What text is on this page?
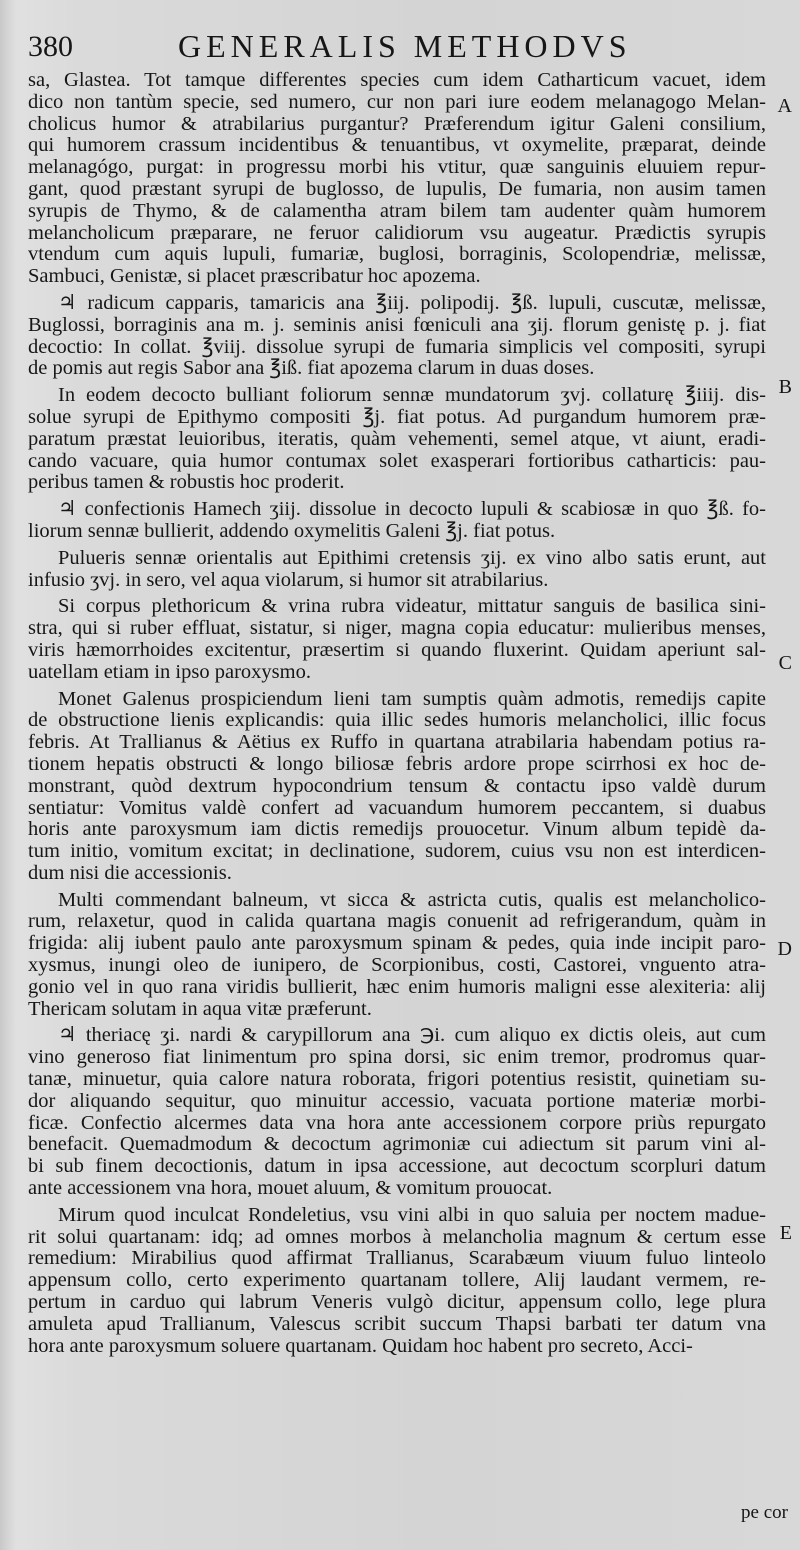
380	GENERALIS METHODVS
sa, Glastea. Tot tamque differentes species cum idem Catharticum vacuet, idem
dico non tantùm specie, sed numero, cur non pari iure eodem melanagogo Melan-
cholicus humor & atrabilarius purgantur? Præferendum igitur Galeni consilium,
qui humorem crassum incidentibus & tenuantibus, vt oxymelite, præparat, deinde
melanagógο, purgat: in progressu morbi his vtitur, quæ sanguinis eluuiem repur-
gant, quod præstant syrupi de buglosso, de lupulis, De fumaria, non ausim tamen
syrupis de Thymo, & de calamentha atram bilem tam audenter quàm humorem
melancholicum præparare, ne feruor calidiorum vsu augeatur. Prædictis syrupis
vtendum cum aquis lupuli, fumariæ, buglosi, borraginis, Scolopendriæ, melissæ,
Sambuci, Genistæ, si placet præscribatur hoc apozema.
♃ radicum capparis, tamaricis ana ℥iij. polipodij. ℥ß. lupuli, cuscutæ, melissæ,
Buglossi, borraginis ana m. j. seminis anisi fœniculi ana ʒij. florum genistę p. j. fiat
decoctio: In collat. ℥viij. dissolue syrupi de fumaria simplicis vel compositi, syrupi
de pomis aut regis Sabor ana ℥iß. fiat apozema clarum in duas doses.
In eodem decocto bulliant foliorum sennæ mundatorum ʒvj. collaturę ℥iiij. dis-
solue syrupi de Epithymo compositi ℥j. fiat potus. Ad purgandum humorem præ-
paratum præstat leuioribus, iteratis, quàm vehementi, semel atque, vt aiunt, eradi-
cando vacuare, quia humor contumax solet exasperari fortioribus catharticis: pau-
peribus tamen & robustis hoc proderit.
♃ confectionis Hamech ʒiij. dissolue in decocto lupuli & scabiosæ in quo ℥ß. fo-
liorum sennæ bullierit, addendo oxymelitis Galeni ℥j. fiat potus.
Pulueris sennæ orientalis aut Epithimi cretensis ʒij. ex vino albo satis erunt, aut
infusio ʒvj. in sero, vel aqua violarum, si humor sit atrabilarius.
Si corpus plethoricum & vrina rubra videatur, mittatur sanguis de basilica sini-
stra, qui si ruber effluat, sistatur, si niger, magna copia educatur: mulieribus menses,
viris hæmorrhoides excitentur, præsertim si quando fluxerint. Quidam aperiunt sal-
uatellam etiam in ipso paroxysmo.
Monet Galenus prospiciendum lieni tam sumptis quàm admotis, remedijs capite
de obstructione lienis explicandis: quia illic sedes humoris melancholici, illic focus
febris. At Trallianus & Aëtius ex Ruffo in quartana atrabilaria habendam potius ra-
tionem hepatis obstructi & longo biliosæ febris ardore prope scirrhosi ex hoc de-
monstrant, quòd dextrum hypocondrium tensum & contactu ipso valdè durum
sentiatur: Vomitus valdè confert ad vacuandum humorem peccantem, si duabus
horis ante paroxysmum iam dictis remedijs prouocetur. Vinum album tepidè da-
tum initio, vomitum excitat; in declinatione, sudorem, cuius vsu non est interdicen-
dum nisi die accessionis.
Multi commendant balneum, vt sicca & astricta cutis, qualis est melancholico-
rum, relaxetur, quod in calida quartana magis conuenit ad refrigerandum, quàm in
frigida: alij iubent paulo ante paroxysmum spinam & pedes, quia inde incipit paro-
xysmus, inungi oleo de iunipero, de Scorpionibus, costi, Castorei, vnguento atra-
gonio vel in quo rana viridis bullierit, hæc enim humoris maligni esse alexiteria: alij
Thericam solutam in aqua vitæ præferunt.
♃ theriacę ʒi. nardi & carypillorum ana ℈i. cum aliquo ex dictis oleis, aut cum
vino generoso fiat linimentum pro spina dorsi, sic enim tremor, prodromus quar-
tanæ, minuetur, quia calore natura roborata, frigori potentius resistit, quinetiam su-
dor aliquando sequitur, quo minuitur accessio, vacuata portione materiæ morbi-
ficæ. Confectio alcermes data vna hora ante accessionem corpore priùs repurgato
benefacit. Quemadmodum & decoctum agrimoniæ cui adiectum sit parum vini al-
bi sub finem decoctionis, datum in ipsa accessione, aut decoctum scorpluri datum
ante accessionem vna hora, mouet aluum, & vomitum prouocat.
Mirum quod inculcat Rondeletius, vsu vini albi in quo saluia per noctem madue-
rit solui quartanam: idq; ad omnes morbos à melancholia magnum & certum esse
remedium: Mirabilius quod affirmat Trallianus, Scarabæum viuum fuluo linteolo
appensum collo, certo experimento quartanam tollere, Alij laudant vermem, re-
pertum in carduo qui labrum Veneris vulgò dicitur, appensum collo, lege plura
amuleta apud Trallianum, Valescus scribit succum Thapsi barbati ter datum vna
hora ante paroxysmum soluere quartanam. Quidam hoc habent pro secreto, Acci-
A
B
C
D
E
pe cor
